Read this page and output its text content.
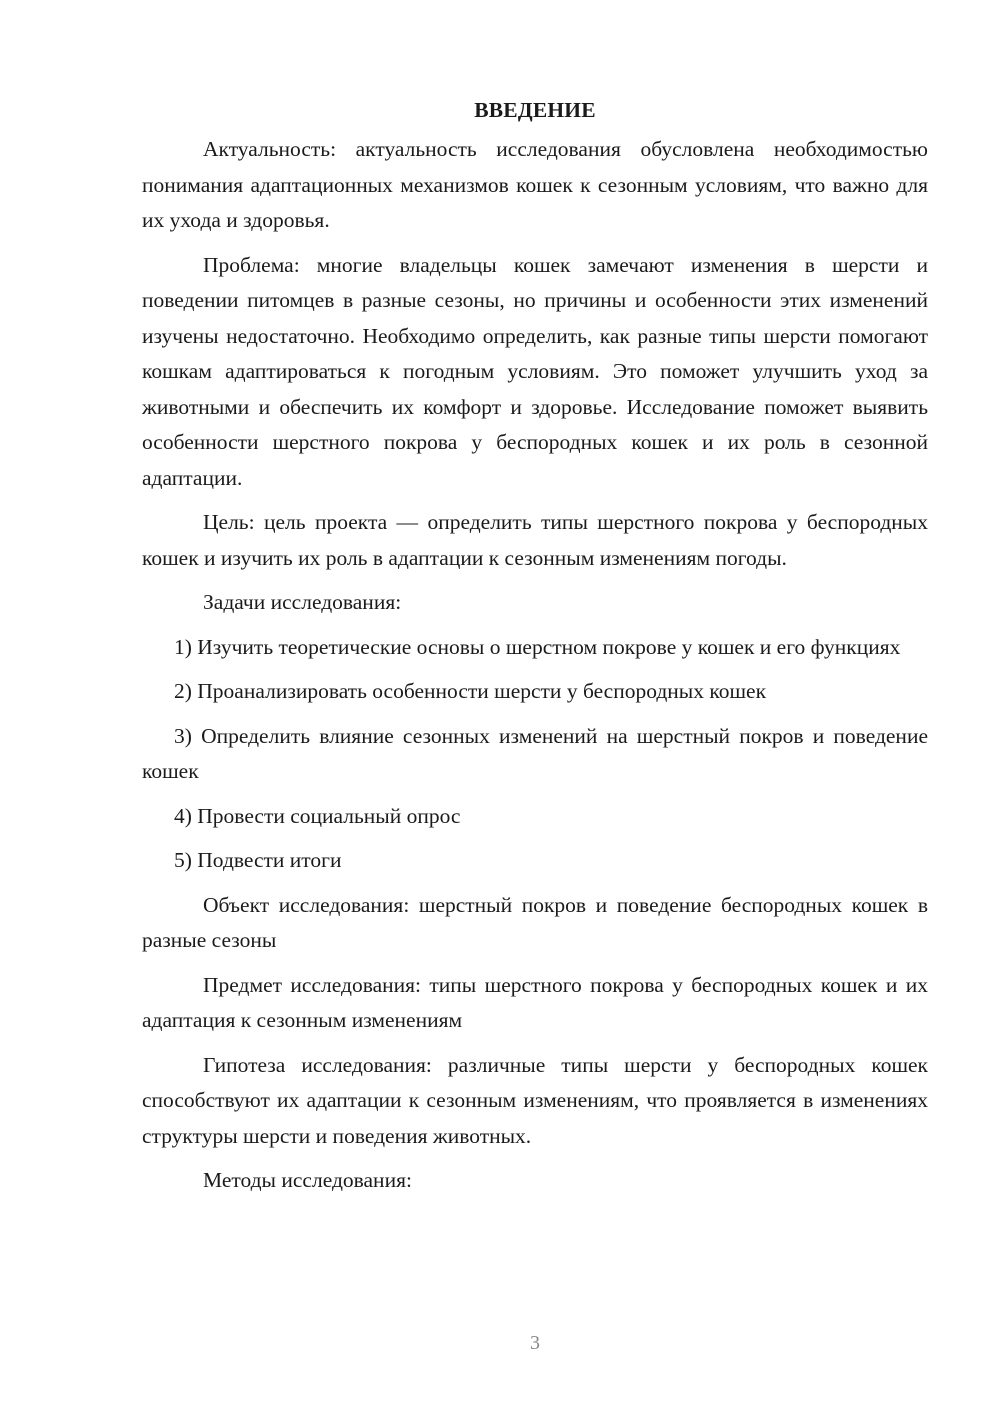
ВВЕДЕНИЕ

Актуальность: актуальность исследования обусловлена необходимостью понимания адаптационных механизмов кошек к сезонным условиям, что важно для их ухода и здоровья.

Проблема: многие владельцы кошек замечают изменения в шерсти и поведении питомцев в разные сезоны, но причины и особенности этих изменений изучены недостаточно. Необходимо определить, как разные типы шерсти помогают кошкам адаптироваться к погодным условиям. Это поможет улучшить уход за животными и обеспечить их комфорт и здоровье. Исследование поможет выявить особенности шерстного покрова у беспородных кошек и их роль в сезонной адаптации.

Цель: цель проекта — определить типы шерстного покрова у беспородных кошек и изучить их роль в адаптации к сезонным изменениям погоды.

Задачи исследования:

1) Изучить теоретические основы о шерстном покрове у кошек и его функциях

2) Проанализировать особенности шерсти у беспородных кошек

3) Определить влияние сезонных изменений на шерстный покров и поведение кошек

4) Провести социальный опрос

5) Подвести итоги

Объект исследования: шерстный покров и поведение беспородных кошек в разные сезоны

Предмет исследования: типы шерстного покрова у беспородных кошек и их адаптация к сезонным изменениям

Гипотеза исследования: различные типы шерсти у беспородных кошек способствуют их адаптации к сезонным изменениям, что проявляется в изменениях структуры шерсти и поведения животных.

Методы исследования:

3
